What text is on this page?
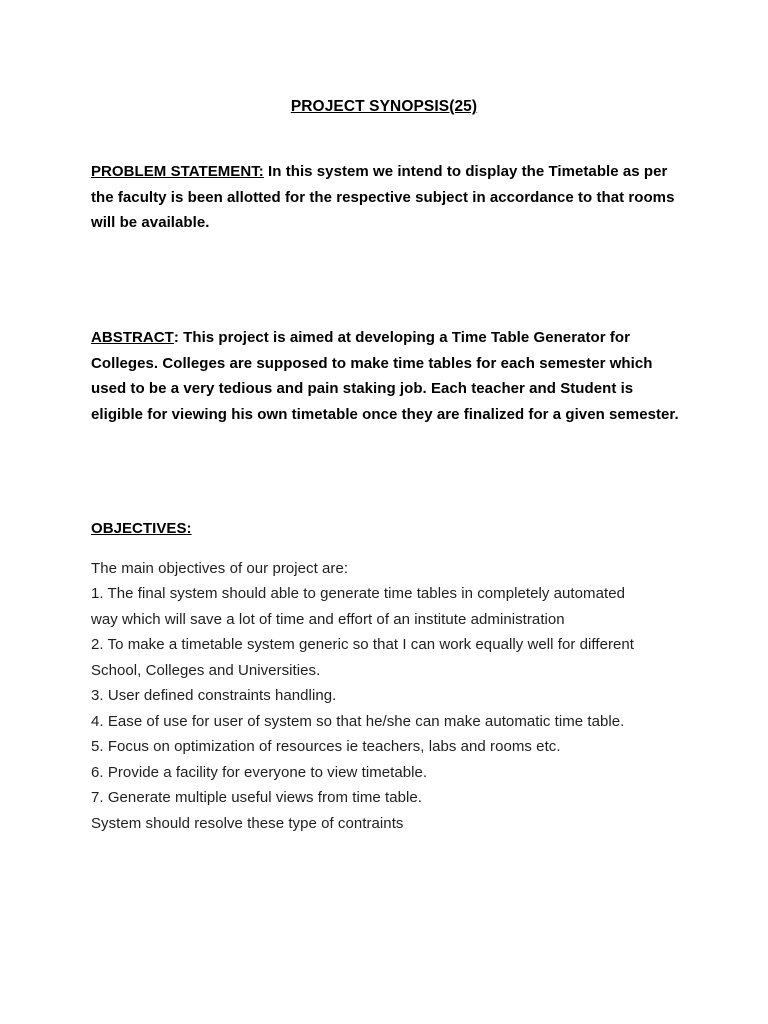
PROJECT SYNOPSIS(25)

PROBLEM STATEMENT: In this system we intend to display the Timetable as per
the faculty is been allotted for the respective subject in accordance to that rooms
will be available.

ABSTRACT: This project is aimed at developing a Time Table Generator for
Colleges. Colleges are supposed to make time tables for each semester which
used to be a very tedious and pain staking job. Each teacher and Student is
eligible for viewing his own timetable once they are finalized for a given semester.

OBJECTIVES:
The main objectives of our project are:
1. The final system should able to generate time tables in completely automated
way which will save a lot of time and effort of an institute administration
2. To make a timetable system generic so that I can work equally well for different
School, Colleges and Universities.
3. User defined constraints handling.
4. Ease of use for user of system so that he/she can make automatic time table.
5. Focus on optimization of resources ie teachers, labs and rooms etc.
6. Provide a facility for everyone to view timetable.
7. Generate multiple useful views from time table.
System should resolve these type of contraints
